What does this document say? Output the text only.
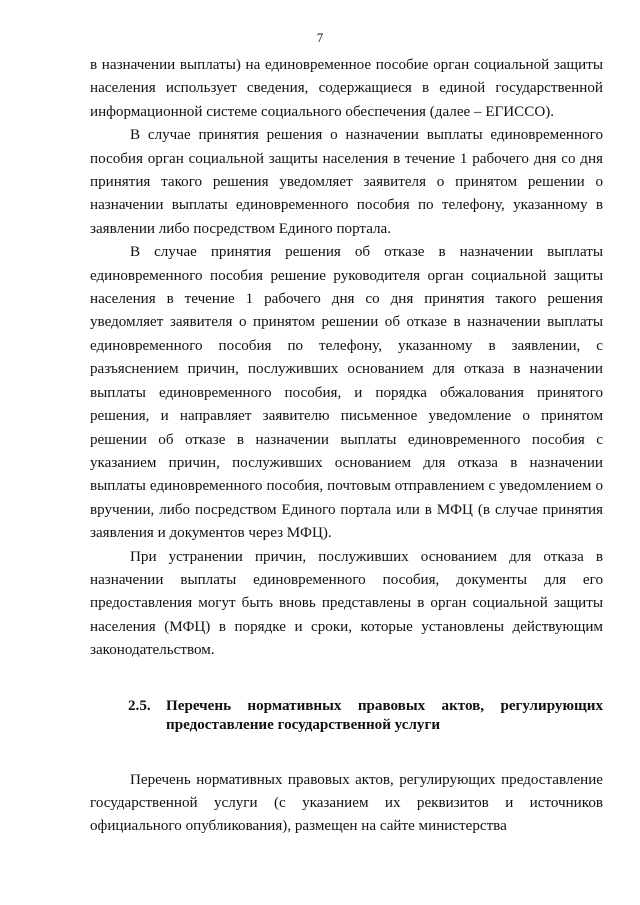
7

в назначении выплаты) на единовременное пособие орган социальной защиты населения использует сведения, содержащиеся в единой государственной информационной системе социального обеспечения (далее – ЕГИССО).

В случае принятия решения о назначении выплаты единовременного пособия орган социальной защиты населения в течение 1 рабочего дня со дня принятия такого решения уведомляет заявителя о принятом решении о назначении выплаты единовременного пособия по телефону, указанному в заявлении либо посредством Единого портала.

В случае принятия решения об отказе в назначении выплаты единовременного пособия решение руководителя орган социальной защиты населения в течение 1 рабочего дня со дня принятия такого решения уведомляет заявителя о принятом решении об отказе в назначении выплаты единовременного пособия по телефону, указанному в заявлении, с разъяснением причин, послуживших основанием для отказа в назначении выплаты единовременного пособия, и порядка обжалования принятого решения, и направляет заявителю письменное уведомление о принятом решении об отказе в назначении выплаты единовременного пособия с указанием причин, послуживших основанием для отказа в назначении выплаты единовременного пособия, почтовым отправлением с уведомлением о вручении, либо посредством Единого портала или в МФЦ (в случае принятия заявления и документов через МФЦ).

При устранении причин, послуживших основанием для отказа в назначении выплаты единовременного пособия, документы для его предоставления могут быть вновь представлены в орган социальной защиты населения (МФЦ) в порядке и сроки, которые установлены действующим законодательством.

2.5.	Перечень нормативных правовых актов, регулирующих предоставление государственной услуги

Перечень нормативных правовых актов, регулирующих предоставление государственной услуги (с указанием их реквизитов и источников официального опубликования), размещен на сайте министерства
